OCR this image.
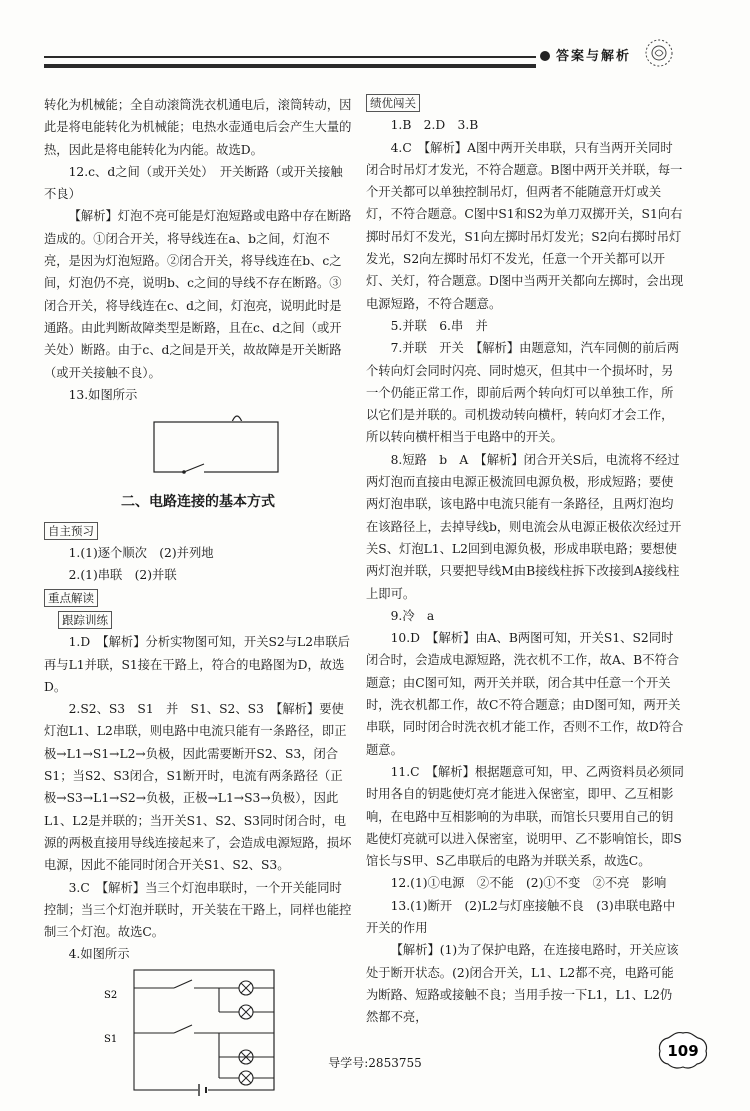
答案与解析

转化为机械能；全自动滚筒洗衣机通电后，滚筒转动，因此是将电能转化为机械能；电热水壶通电后会产生大量的热，因此是将电能转化为内能。故选D。

12.c、d之间（或开关处）　开关断路（或开关接触不良）

【解析】灯泡不亮可能是灯泡短路或电路中存在断路造成的。①闭合开关，将导线连在a、b之间，灯泡不亮，是因为灯泡短路。②闭合开关，将导线连在b、c之间，灯泡仍不亮，说明b、c之间的导线不存在断路。③闭合开关，将导线连在c、d之间，灯泡亮，说明此时是通路。由此判断故障类型是断路，且在c、d之间（或开关处）断路。由于c、d之间是开关，故故障是开关断路（或开关接触不良）。

13.如图所示

二、电路连接的基本方式
自主预习

1.(1)逐个顺次　(2)并列地

2.(1)串联　(2)并联

重点解读
跟踪训练

1.D　【解析】分析实物图可知，开关S2与L2串联后再与L1并联，S1接在干路上，符合的电路图为D，故选D。

2.S2、S3　S1　并　S1、S2、S3　【解析】要使灯泡L1、L2串联，则电路中电流只能有一条路径，即正极→L1→S1→L2→负极，因此需要断开S2、S3，闭合S1；当S2、S3闭合，S1断开时，电流有两条路径（正极→S3→L1→S2→负极，正极→L1→S3→负极），因此L1、L2是并联的；当开关S1、S2、S3同时闭合时，电源的两极直接用导线连接起来了，会造成电源短路，损坏电源，因此不能同时闭合开关S1、S2、S3。

3.C　【解析】当三个灯泡串联时，一个开关能同时控制；当三个灯泡并联时，开关装在干路上，同样也能控制三个灯泡。故选C。

4.如图所示

S2
S1
绩优闯关

1.B　2.D　3.B

4.C　【解析】A图中两开关串联，只有当两开关同时闭合时吊灯才发光，不符合题意。B图中两开关并联，每一个开关都可以单独控制吊灯，但两者不能随意开灯或关灯，不符合题意。C图中S1和S2为单刀双掷开关，S1向右掷时吊灯不发光，S1向左掷时吊灯发光；S2向右掷时吊灯发光，S2向左掷时吊灯不发光，任意一个开关都可以开灯、关灯，符合题意。D图中当两开关都向左掷时，会出现电源短路，不符合题意。

5.并联　6.串　并

7.并联　开关　【解析】由题意知，汽车同侧的前后两个转向灯会同时闪亮、同时熄灭，但其中一个损坏时，另一个仍能正常工作，即前后两个转向灯可以单独工作，所以它们是并联的。司机拨动转向横杆，转向灯才会工作，所以转向横杆相当于电路中的开关。

8.短路　b　A　【解析】闭合开关S后，电流将不经过两灯泡而直接由电源正极流回电源负极，形成短路；要使两灯泡串联，该电路中电流只能有一条路径，且两灯泡均在该路径上，去掉导线b，则电流会从电源正极依次经过开关S、灯泡L1、L2回到电源负极，形成串联电路；要想使两灯泡并联，只要把导线M由B接线柱拆下改接到A接线柱上即可。

9.冷　a

10.D　【解析】由A、B两图可知，开关S1、S2同时闭合时，会造成电源短路，洗衣机不工作，故A、B不符合题意；由C图可知，两开关并联，闭合其中任意一个开关时，洗衣机都工作，故C不符合题意；由D图可知，两开关串联，同时闭合时洗衣机才能工作，否则不工作，故D符合题意。

11.C　【解析】根据题意可知，甲、乙两资料员必须同时用各自的钥匙使灯亮才能进入保密室，即甲、乙互相影响，在电路中互相影响的为串联，而馆长只要用自己的钥匙使灯亮就可以进入保密室，说明甲、乙不影响馆长，即S馆长与S甲、S乙串联后的电路为并联关系，故选C。

12.(1)①电源　②不能　(2)①不变　②不亮　影响

13.(1)断开　(2)L2与灯座接触不良　(3)串联电路中开关的作用

【解析】(1)为了保护电路，在连接电路时，开关应该处于断开状态。(2)闭合开关，L1、L2都不亮，电路可能为断路、短路或接触不良；当用手按一下L1，L1、L2仍然都不亮，

导学号:2853755
109
